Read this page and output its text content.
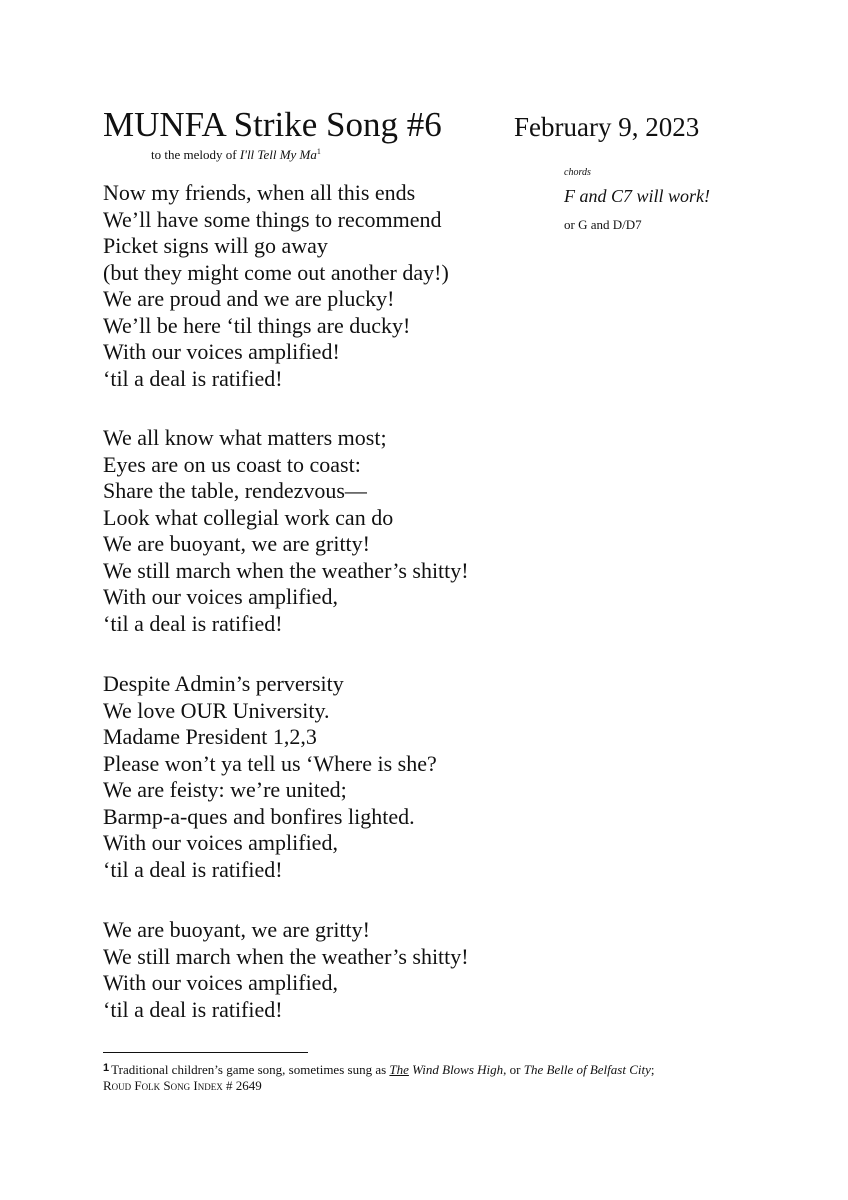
MUNFA Strike Song #6	February 9, 2023
to the melody of I'll Tell My Ma$^1$
chords
F and C7 will work!
or G and D/D7
Now my friends, when all this ends
We’ll have some things to recommend
Picket signs will go away
(but they might come out another day!)
We are proud and we are plucky!
We’ll be here ‘til things are ducky!
With our voices amplified!
‘til a deal is ratified!
We all know what matters most;
Eyes are on us coast to coast:
Share the table, rendezvous—
Look what collegial work can do
We are buoyant, we are gritty!
We still march when the weather’s shitty!
With our voices amplified,
‘til a deal is ratified!
Despite Admin’s perversity
We love OUR University.
Madame President 1,2,3
Please won’t ya tell us ‘Where is she?
We are feisty: we’re united;
Barmp-a-ques and bonfires lighted.
With our voices amplified,
‘til a deal is ratified!
We are buoyant, we are gritty!
We still march when the weather’s shitty!
With our voices amplified,
‘til a deal is ratified!
$^1$ Traditional children’s game song, sometimes sung as The Wind Blows High, or The Belle of Belfast City;
Roud Folk Song Index # 2649
